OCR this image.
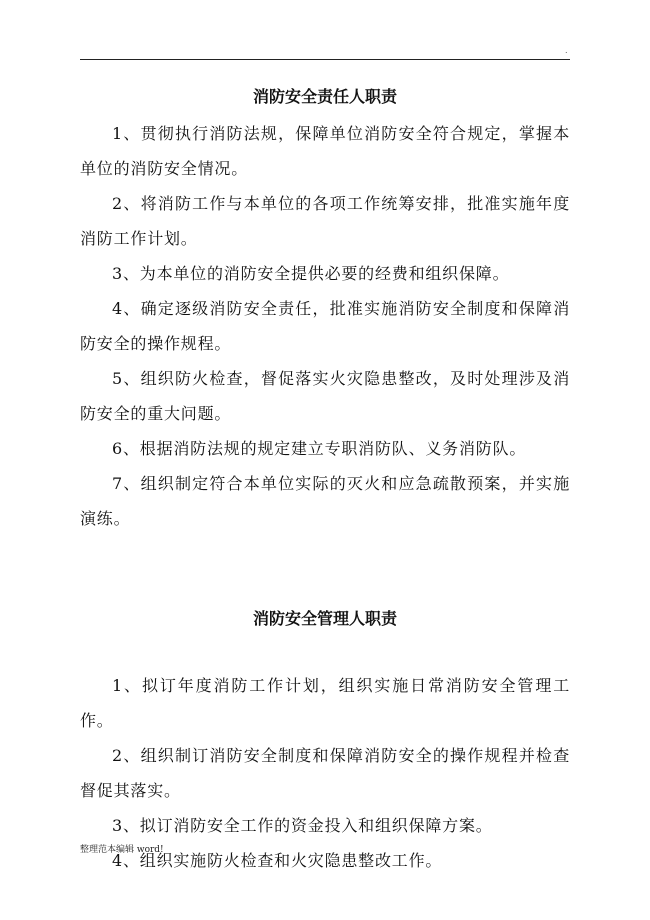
.
消防安全责任人职责

1、贯彻执行消防法规，保障单位消防安全符合规定，掌握本单位的消防安全情况。

2、将消防工作与本单位的各项工作统筹安排，批准实施年度消防工作计划。

3、为本单位的消防安全提供必要的经费和组织保障。

4、确定逐级消防安全责任，批准实施消防安全制度和保障消防安全的操作规程。

5、组织防火检查，督促落实火灾隐患整改，及时处理涉及消防安全的重大问题。

6、根据消防法规的规定建立专职消防队、义务消防队。

7、组织制定符合本单位实际的灭火和应急疏散预案，并实施演练。

消防安全管理人职责

1、拟订年度消防工作计划，组织实施日常消防安全管理工作。

2、组织制订消防安全制度和保障消防安全的操作规程并检查督促其落实。

3、拟订消防安全工作的资金投入和组织保障方案。

4、组织实施防火检查和火灾隐患整改工作。

整理范本编辑 word!
